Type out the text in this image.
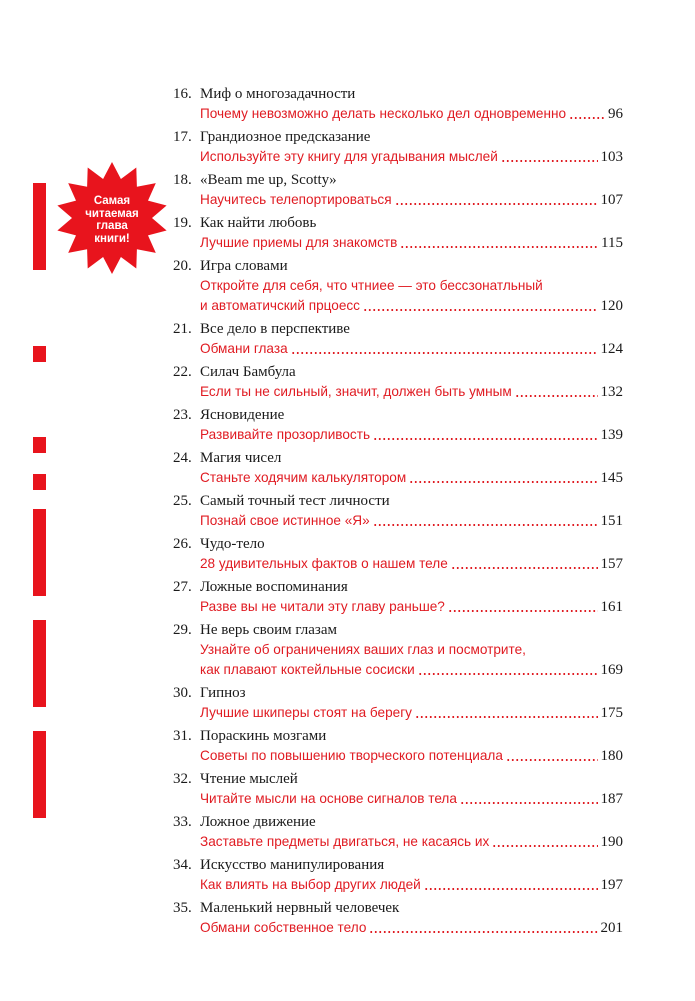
Самая
читаемая
глава
книги!
16. Миф о многозадачности
Почему невозможно делать несколько дел одновременно	96
17. Грандиозное предсказание
Используйте эту книгу для угадывания мыслей	103
18. «Beam me up, Scotty»
Научитесь телепортироваться	107
19. Как найти любовь
Лучшие приемы для знакомств	115
20. Игра словами
Откройте для себя, что чтниее — это бессзонатльный
и автоматичский прцоесс	120
21. Все дело в перспективе
Обмани глаза	124
22. Силач Бамбула
Если ты не сильный, значит, должен быть умным	132
23. Ясновидение
Развивайте прозорливость	139
24. Магия чисел
Станьте ходячим калькулятором	145
25. Самый точный тест личности
Познай свое истинное «Я»	151
26. Чудо-тело
28 удивительных фактов о нашем теле	157
27. Ложные воспоминания
Разве вы не читали эту главу раньше?	161
29. Не верь своим глазам
Узнайте об ограничениях ваших глаз и посмотрите,
как плавают коктейльные сосиски	169
30. Гипноз
Лучшие шкиперы стоят на берегу	175
31. Пораскинь мозгами
Советы по повышению творческого потенциала	180
32. Чтение мыслей
Читайте мысли на основе сигналов тела	187
33. Ложное движение
Заставьте предметы двигаться, не касаясь их	190
34. Искусство манипулирования
Как влиять на выбор других людей	197
35. Маленький нервный человечек
Обмани собственное тело	201
